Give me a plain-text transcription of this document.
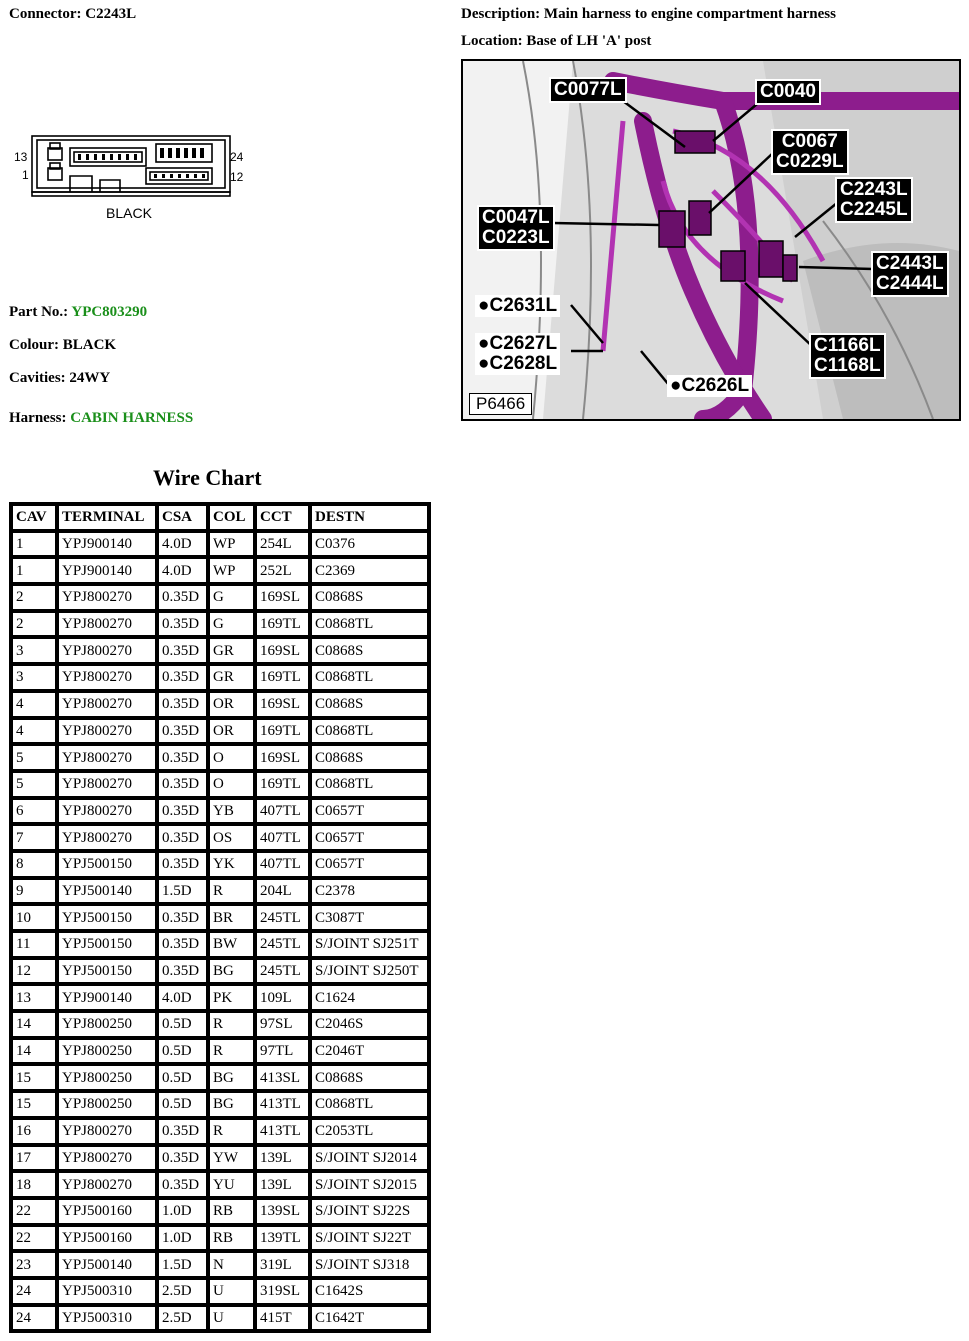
Connector: C2243L	Description: Main harness to engine compartment harness
Location: Base of LH 'A' post
13
1
24
12
BLACK
Part No.: YPC803290
Colour: BLACK
Cavities: 24WY
Harness: CABIN HARNESS
C0077L	C0040
C0067
C0229L
C2243L
C2245L
C0047L
C0223L
C2443L
C2444L
●C2631L
●C2627L
●C2628L
C1166L
C1168L
●C2626L
P6466
Wire Chart
CAV	TERMINAL	CSA	COL	CCT	DESTN
1	YPJ900140	4.0D	WP	254L	C0376
1	YPJ900140	4.0D	WP	252L	C2369
2	YPJ800270	0.35D	G	169SL	C0868S
2	YPJ800270	0.35D	G	169TL	C0868TL
3	YPJ800270	0.35D	GR	169SL	C0868S
3	YPJ800270	0.35D	GR	169TL	C0868TL
4	YPJ800270	0.35D	OR	169SL	C0868S
4	YPJ800270	0.35D	OR	169TL	C0868TL
5	YPJ800270	0.35D	O	169SL	C0868S
5	YPJ800270	0.35D	O	169TL	C0868TL
6	YPJ800270	0.35D	YB	407TL	C0657T
7	YPJ800270	0.35D	OS	407TL	C0657T
8	YPJ500150	0.35D	YK	407TL	C0657T
9	YPJ500140	1.5D	R	204L	C2378
10	YPJ500150	0.35D	BR	245TL	C3087T
11	YPJ500150	0.35D	BW	245TL	S/JOINT SJ251T
12	YPJ500150	0.35D	BG	245TL	S/JOINT SJ250T
13	YPJ900140	4.0D	PK	109L	C1624
14	YPJ800250	0.5D	R	97SL	C2046S
14	YPJ800250	0.5D	R	97TL	C2046T
15	YPJ800250	0.5D	BG	413SL	C0868S
15	YPJ800250	0.5D	BG	413TL	C0868TL
16	YPJ800270	0.35D	R	413TL	C2053TL
17	YPJ800270	0.35D	YW	139L	S/JOINT SJ2014
18	YPJ800270	0.35D	YU	139L	S/JOINT SJ2015
22	YPJ500160	1.0D	RB	139SL	S/JOINT SJ22S
22	YPJ500160	1.0D	RB	139TL	S/JOINT SJ22T
23	YPJ500140	1.5D	N	319L	S/JOINT SJ318
24	YPJ500310	2.5D	U	319SL	C1642S
24	YPJ500310	2.5D	U	415T	C1642T
